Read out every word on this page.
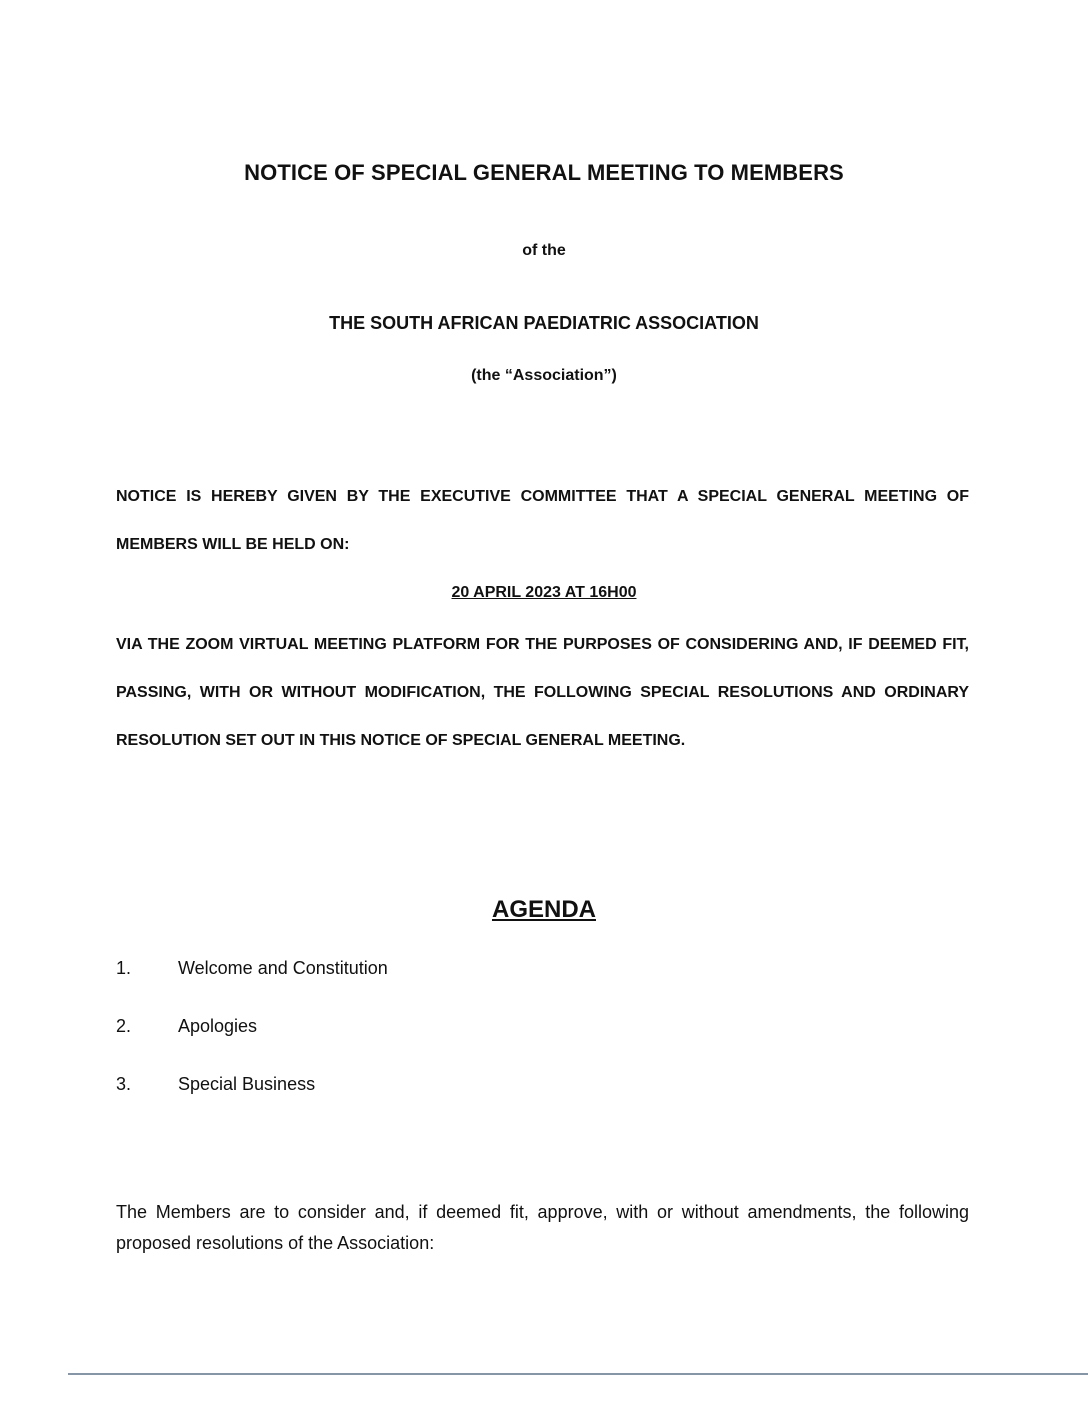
NOTICE OF SPECIAL GENERAL MEETING TO MEMBERS
of the
THE SOUTH AFRICAN PAEDIATRIC ASSOCIATION
(the “Association”)
NOTICE IS HEREBY GIVEN BY THE EXECUTIVE COMMITTEE THAT A SPECIAL GENERAL MEETING OF MEMBERS WILL BE HELD ON:
20 APRIL 2023 AT 16H00
VIA THE ZOOM VIRTUAL MEETING PLATFORM FOR THE PURPOSES OF CONSIDERING AND, IF DEEMED FIT, PASSING, WITH OR WITHOUT MODIFICATION, THE FOLLOWING SPECIAL RESOLUTIONS AND ORDINARY RESOLUTION SET OUT IN THIS NOTICE OF SPECIAL GENERAL MEETING.
AGENDA
1.	Welcome and Constitution
2.	Apologies
3.	Special Business
The Members are to consider and, if deemed fit, approve, with or without amendments, the following proposed resolutions of the Association:
